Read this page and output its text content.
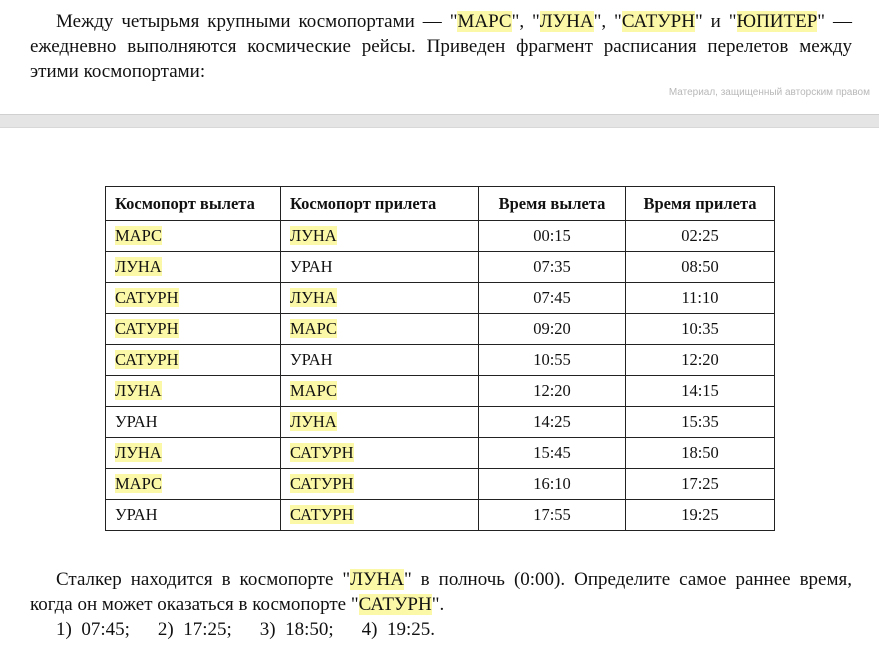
Между четырьмя крупными космопортами — "МАРС", "ЛУНА", "САТУРН" и "ЮПИТЕР" — ежедневно выполняются космические рейсы. Приведен фрагмент расписания перелетов между этими космопортами:

Материал, защищенный авторским правом
Космопорт вылета	Космопорт прилета	Время вылета	Время прилета
МАРС	ЛУНА	00:15	02:25
ЛУНА	УРАН	07:35	08:50
САТУРН	ЛУНА	07:45	11:10
САТУРН	МАРС	09:20	10:35
САТУРН	УРАН	10:55	12:20
ЛУНА	МАРС	12:20	14:15
УРАН	ЛУНА	14:25	15:35
ЛУНА	САТУРН	15:45	18:50
МАРС	САТУРН	16:10	17:25
УРАН	САТУРН	17:55	19:25

Сталкер находится в космопорте "ЛУНА" в полночь (0:00). Определите самое раннее время, когда он может оказаться в космопорте "САТУРН".

1)  07:45; 2)  17:25; 3)  18:50; 4)  19:25.
